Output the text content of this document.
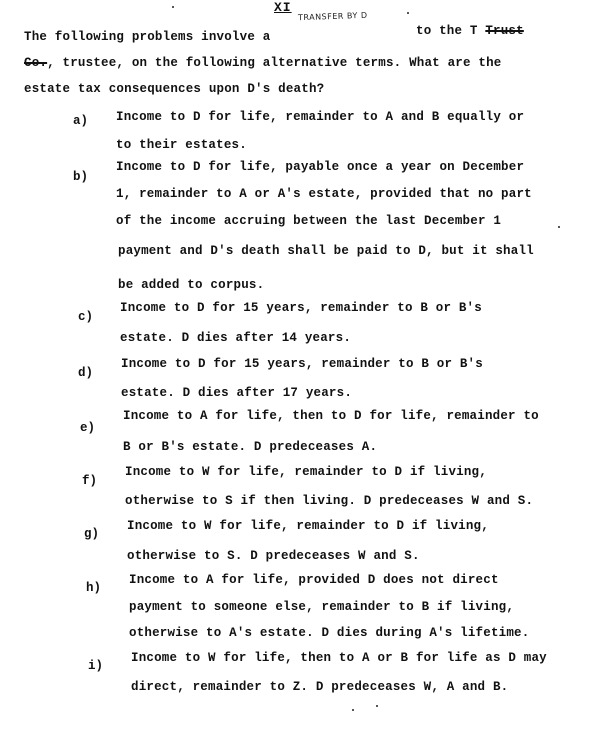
XI
TRANSFER BY D
The following problems involve a	to the T Trust
Co., trustee, on the following alternative terms. What are the
estate tax consequences upon D's death?
a) Income to D for life, remainder to A and B equally or
to their estates.
b)
Income to D for life, payable once a year on December
1, remainder to A or A's estate, provided that no part
of the income accruing between the last December 1
payment and D's death shall be paid to D, but it shall
be added to corpus.
c)
Income to D for 15 years, remainder to B or B's
estate. D dies after 14 years.
d)
Income to D for 15 years, remainder to B or B's
estate. D dies after 17 years.
e)
Income to A for life, then to D for life, remainder to
B or B's estate. D predeceases A.
f)
Income to W for life, remainder to D if living,
otherwise to S if then living. D predeceases W and S.
g)
Income to W for life, remainder to D if living,
otherwise to S. D predeceases W and S.
h)
Income to A for life, provided D does not direct
payment to someone else, remainder to B if living,
otherwise to A's estate. D dies during A's lifetime.
i)
Income to W for life, then to A or B for life as D may
direct, remainder to Z. D predeceases W, A and B.
